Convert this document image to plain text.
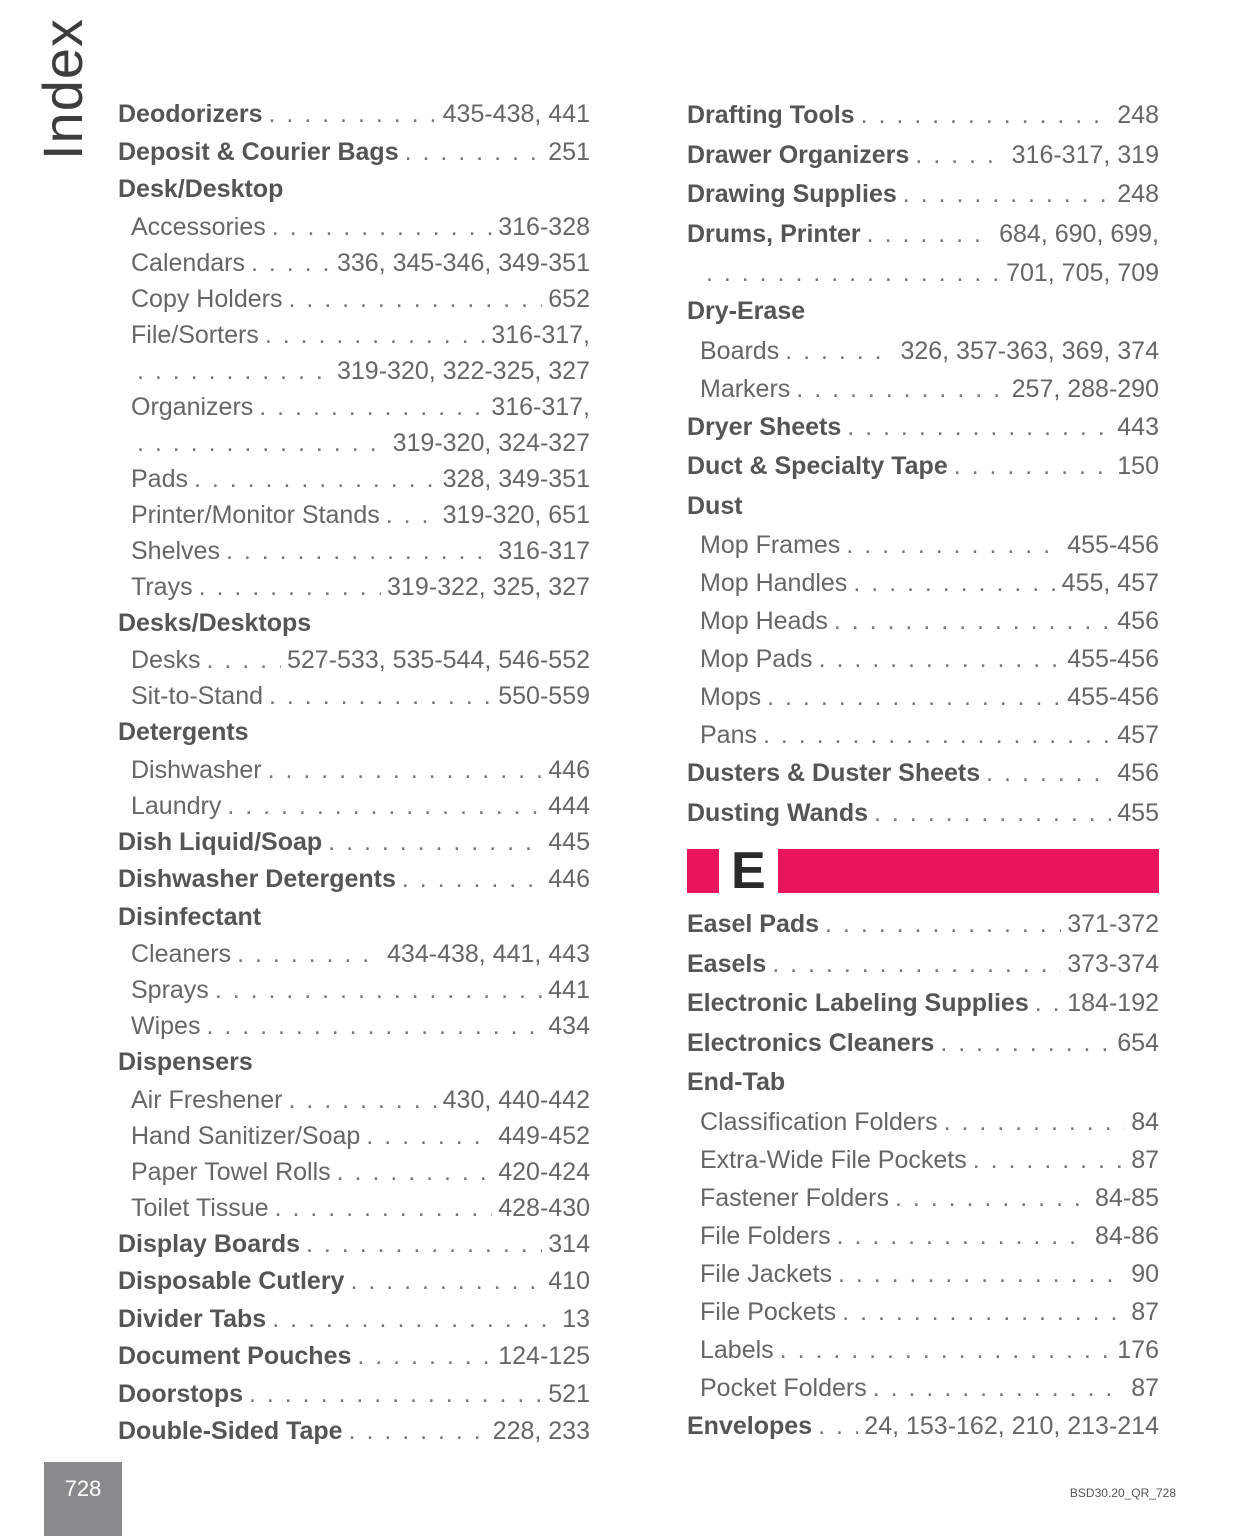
Index Deodorizers . . .	435-438, 441
Deposit & Courier Bags . . .	251
Desk/Desktop
Accessories . . .	316-328
Calendars . . .	336, 345-346, 349-351
Copy Holders . . .	652
File/Sorters . . .	316-317,
. . .
319-320, 322-325, 327
Organizers . . .	316-317,
. . .
319-320, 324-327
Pads . . .	328, 349-351
Printer/Monitor Stands . . .	319-320, 651
Shelves . . .	316-317
Trays . . .	319-322, 325, 327
Desks/Desktops
Desks . . .	527-533, 535-544, 546-552
Sit-to-Stand . . .	550-559
Detergents
Dishwasher . . .	446
Laundry . . .	444
Dish Liquid/Soap . . .	445
Dishwasher Detergents . . .	446
Disinfectant
Cleaners . . .	434-438, 441, 443
Sprays . . .	441
Wipes . . .	434
Dispensers
Air Freshener . . .	430, 440-442
Hand Sanitizer/Soap . . .	449-452
Paper Towel Rolls . . .	420-424
Toilet Tissue . . .	428-430
Display Boards . . .	314
Disposable Cutlery . . .	410
Divider Tabs . . .	13
Document Pouches . . .	124-125
Doorstops . . .	521
Double-Sided Tape . . .	228, 233
Drafting Tools . . .	248
Drawer Organizers . . .	316-317, 319
Drawing Supplies . . .	248
Drums, Printer . . .	684, 690, 699,
. . .
701, 705, 709
Dry-Erase
Boards . . .	326, 357-363, 369, 374
Markers . . .	257, 288-290
Dryer Sheets . . .	443
Duct & Specialty Tape . . .	150
Dust
Mop Frames . . .	455-456
Mop Handles . . .	455, 457
Mop Heads . . .	456
Mop Pads . . .	455-456
Mops . . .	455-456
Pans . . .	457
Dusters & Duster Sheets . . .	456
Dusting Wands . . .	455
E
Easel Pads . . .	371-372
Easels . . .	373-374
Electronic Labeling Supplies . . . 184-192
Electronics Cleaners . . .	654
End-Tab
Classification Folders . . .	84
Extra-Wide File Pockets . . .	87
Fastener Folders . . .	84-85
File Folders . . .	84-86
File Jackets . . .	90
File Pockets . . .	87
Labels . . .	176
Pocket Folders . . .	87
Envelopes . . . 24, 153-162, 210, 213-214
728	BSD30.20_QR_728
